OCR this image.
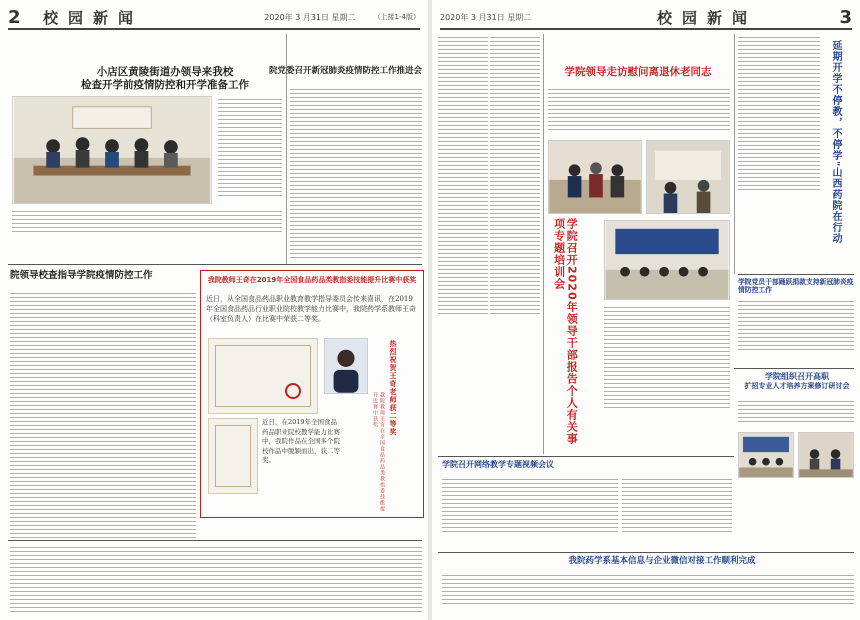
2	校园新闻	2020年 3 月31日 星期二	（上接1-4版）
小店区黄陵街道办领导来我校
检查开学前疫情防控和开学准备工作
院党委召开新冠肺炎疫情防控工作推进会
院领导校查指导学院疫情防控工作	我院教师王奇在2019年全国食品药品类教指委技能提升比赛中获奖
近日，从全国食品药品职业教育教学指导委员会传来喜讯，在2019年全国食品药品行业职业院校教学能力比赛中，我院药学系教师王奇（科室负责人）在比赛中荣获二等奖。
近日，在2019年全国食品药品职业院校教学能力比赛中，我院作品在全国多个院校作品中脱颖而出，获二等奖。
热烈祝贺王奇老师获二等奖
我院教师王奇在全国食品药品类教指委技能提升比赛中获奖
2020年 3 月31日 星期二	校园新闻	3
学院领导走访慰问离退休老同志
学院召开2020年领导干部报告个人有关事项专题培训会
延期开学不停教，不停学"山西药院在行动
学院党员干部踊跃捐款支持新冠肺炎疫情防控工作
学院组织召开高职
扩招专业人才培养方案修订研讨会
学院召开网络教学专题视频会议
我院药学系基本信息与企业微信对接工作顺利完成
